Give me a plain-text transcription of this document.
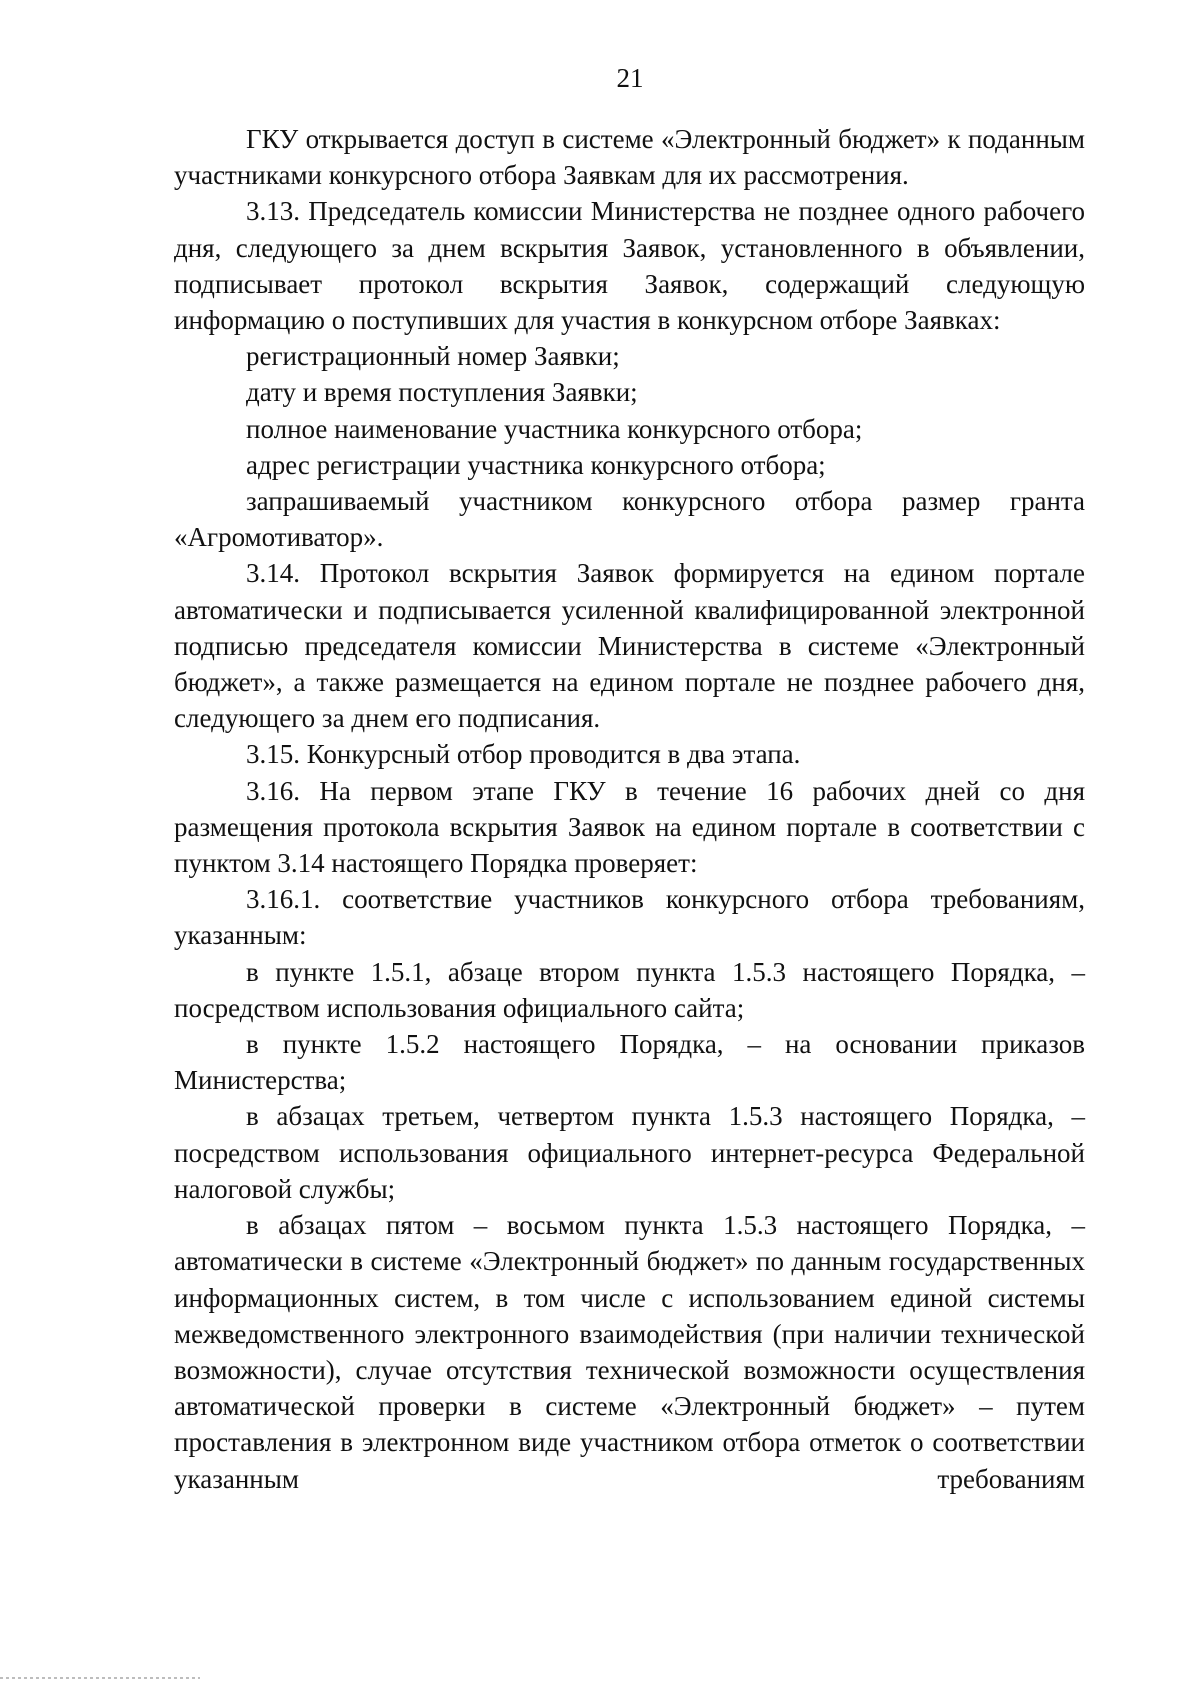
21

ГКУ открывается доступ в системе «Электронный бюджет» к поданным участниками конкурсного отбора Заявкам для их рассмотрения.

3.13. Председатель комиссии Министерства не позднее одного рабочего дня, следующего за днем вскрытия Заявок, установленного в объявлении, подписывает протокол вскрытия Заявок, содержащий следующую информацию о поступивших для участия в конкурсном отборе Заявках:

регистрационный номер Заявки;

дату и время поступления Заявки;

полное наименование участника конкурсного отбора;

адрес регистрации участника конкурсного отбора;

запрашиваемый участником конкурсного отбора размер гранта «Агромотиватор».

3.14. Протокол вскрытия Заявок формируется на едином портале автоматически и подписывается усиленной квалифицированной электронной подписью председателя комиссии Министерства в системе «Электронный бюджет», а также размещается на едином портале не позднее рабочего дня, следующего за днем его подписания.

3.15. Конкурсный отбор проводится в два этапа.

3.16. На первом этапе ГКУ в течение 16 рабочих дней со дня размещения протокола вскрытия Заявок на едином портале в соответствии с пунктом 3.14 настоящего Порядка проверяет:

3.16.1. соответствие участников конкурсного отбора требованиям, указанным:

в пункте 1.5.1, абзаце втором пункта 1.5.3 настоящего Порядка, – посредством использования официального сайта;

в пункте 1.5.2 настоящего Порядка, – на основании приказов Министерства;

в абзацах третьем, четвертом пункта 1.5.3 настоящего Порядка, – посредством использования официального интернет-ресурса Федеральной налоговой службы;

в абзацах пятом – восьмом пункта 1.5.3 настоящего Порядка, – автоматически в системе «Электронный бюджет» по данным государственных информационных систем, в том числе с использованием единой системы межведомственного электронного взаимодействия (при наличии технической возможности), случае отсутствия технической возможности осуществления автоматической проверки в системе «Электронный бюджет» – путем проставления в электронном виде участником отбора отметок о соответствии указанным требованиям
